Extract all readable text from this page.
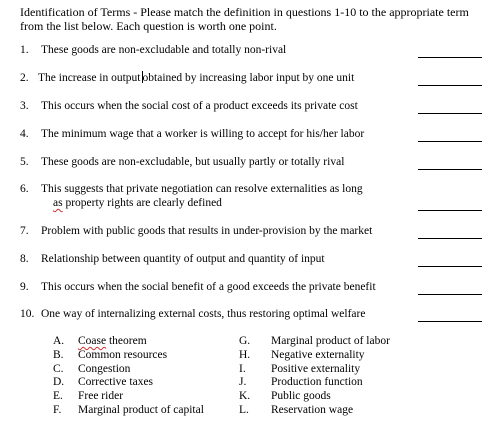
Identification of Terms - Please match the definition in questions 1-10 to the appropriate term from the list below. Each question is worth one point.
1. These goods are non-excludable and totally non-rival
2. The increase in output obtained by increasing labor input by one unit
3. This occurs when the social cost of a product exceeds its private cost
4. The minimum wage that a worker is willing to accept for his/her labor
5. These goods are non-excludable, but usually partly or totally rival
6. This suggests that private negotiation can resolve externalities as long
as property rights are clearly defined
7. Problem with public goods that results in under-provision by the market
8. Relationship between quantity of output and quantity of input
9. This occurs when the social benefit of a good exceeds the private benefit
10. One way of internalizing external costs, thus restoring optimal welfare
A. Coase theorem
B. Common resources
C. Congestion
D. Corrective taxes
E. Free rider
F. Marginal product of capital
G. Marginal product of labor
H. Negative externality
I. Positive externality
J. Production function
K. Public goods
L. Reservation wage
